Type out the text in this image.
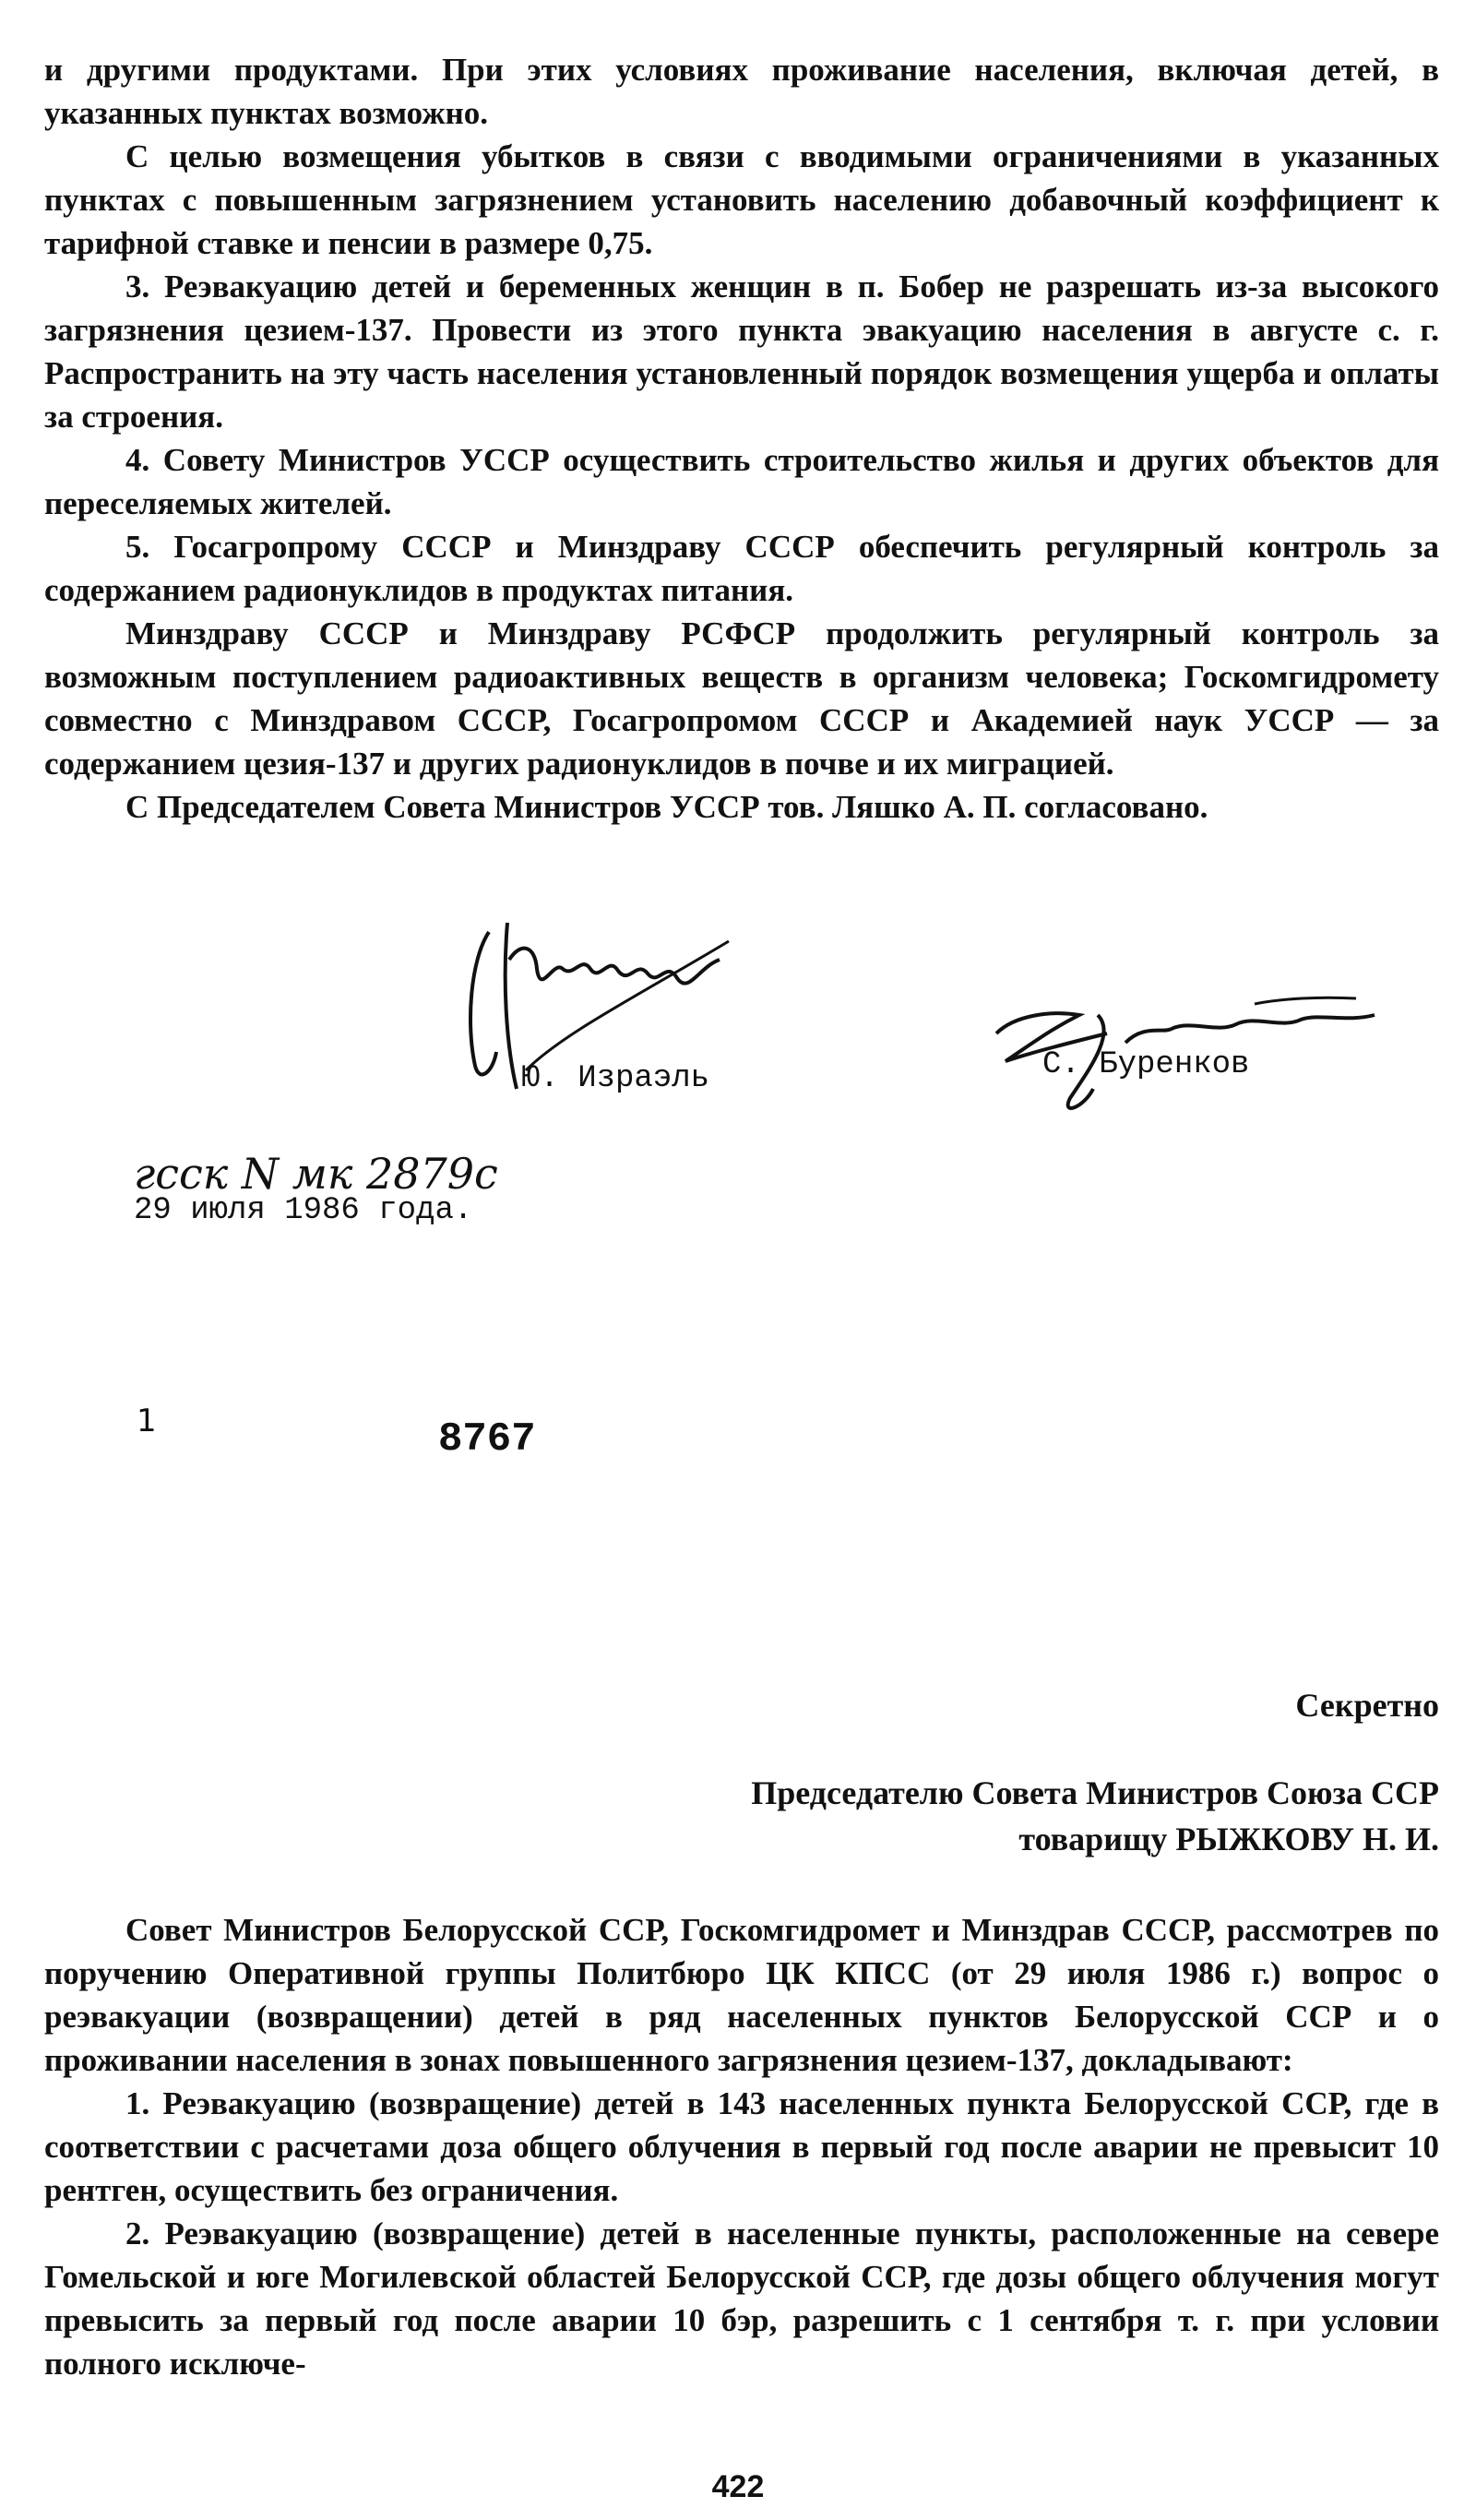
и другими продуктами. При этих условиях проживание населения, включая детей, в указанных пунктах возможно.

С целью возмещения убытков в связи с вводимыми ограничениями в указанных пунктах с повышенным загрязнением установить населению добавочный коэффициент к тарифной ставке и пенсии в размере 0,75.

3. Реэвакуацию детей и беременных женщин в п. Бобер не разрешать из-за высокого загрязнения цезием-137. Провести из этого пункта эвакуацию населения в августе с. г. Распространить на эту часть населения установленный порядок возмещения ущерба и оплаты за строения.

4. Совету Министров УССР осуществить строительство жилья и других объектов для переселяемых жителей.

5. Госагропрому СССР и Минздраву СССР обеспечить регулярный контроль за содержанием радионуклидов в продуктах питания.

Минздраву СССР и Минздраву РСФСР продолжить регулярный контроль за возможным поступлением радиоактивных веществ в организм человека; Госкомгидромету совместно с Минздравом СССР, Госагропромом СССР и Академией наук УССР — за содержанием цезия-137 и других радионуклидов в почве и их миграцией.

С Председателем Совета Министров УССР тов. Ляшко А. П. согласовано.

Ю. Израэль	С. Буренков
гсск N мк 2879с
29 июля 1986 года.
1	8767
Секретно
Председателю Совета Министров Союза ССР
товарищу РЫЖКОВУ Н. И.

Совет Министров Белорусской ССР, Госкомгидромет и Минздрав СССР, рассмотрев по поручению Оперативной группы Политбюро ЦК КПСС (от 29 июля 1986 г.) вопрос о реэвакуации (возвращении) детей в ряд населенных пунктов Белорусской ССР и о проживании населения в зонах повышенного загрязнения цезием-137, докладывают:

1. Реэвакуацию (возвращение) детей в 143 населенных пункта Белорусской ССР, где в соответствии с расчетами доза общего облучения в первый год после аварии не превысит 10 рентген, осуществить без ограничения.

2. Реэвакуацию (возвращение) детей в населенные пункты, расположенные на севере Гомельской и юге Могилевской областей Белорусской ССР, где дозы общего облучения могут превысить за первый год после аварии 10 бэр, разрешить с 1 сентября т. г. при условии полного исключе-

422
